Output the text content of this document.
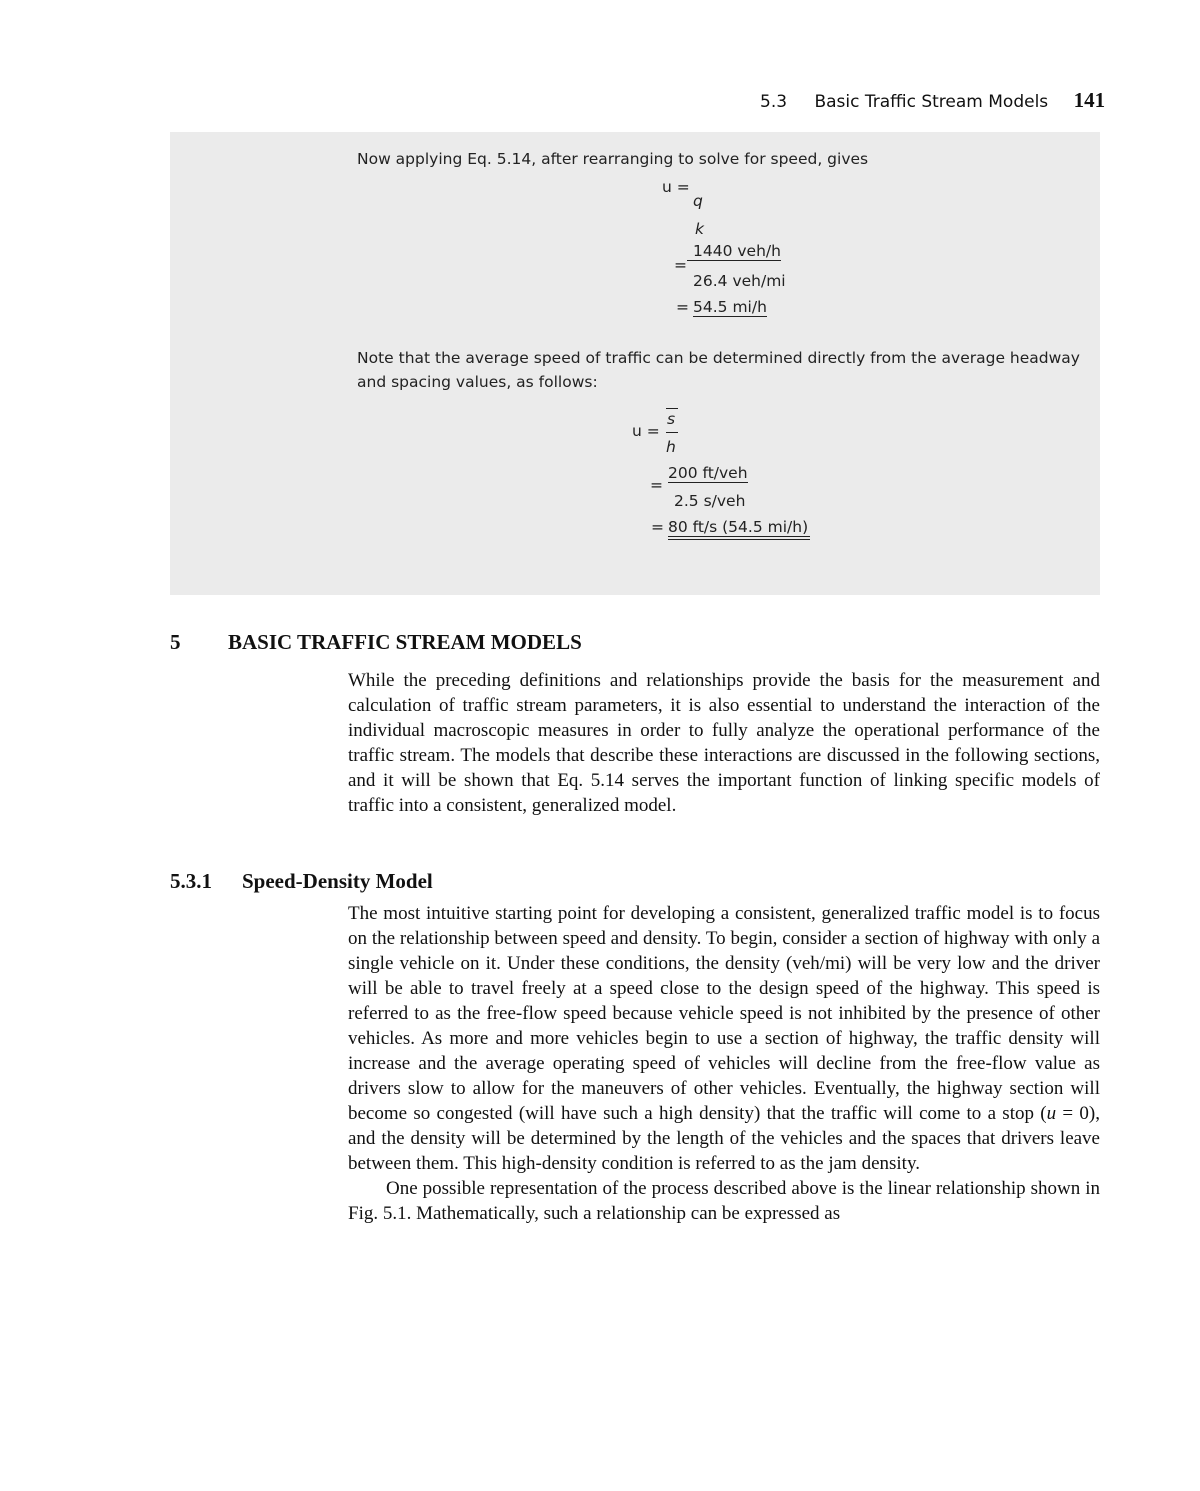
5.3 Basic Traffic Stream Models 141
Now applying Eq. 5.14, after rearranging to solve for speed, gives
u =
q
k
=
1440 veh/h
26.4 veh/mi
= 54.5 mi/h
Note that the average speed of traffic can be determined directly from the average headway and spacing values, as follows:
u =
s
h
=
200 ft/veh
2.5 s/veh
= 80 ft/s (54.5 mi/h)
5 BASIC TRAFFIC STREAM MODELS

While the preceding definitions and relationships provide the basis for the measurement and calculation of traffic stream parameters, it is also essential to understand the interaction of the individual macroscopic measures in order to fully analyze the operational performance of the traffic stream. The models that describe these interactions are discussed in the following sections, and it will be shown that Eq. 5.14 serves the important function of linking specific models of traffic into a consistent, generalized model.

5.3.1 Speed-Density Model

The most intuitive starting point for developing a consistent, generalized traffic model is to focus on the relationship between speed and density. To begin, consider a section of highway with only a single vehicle on it. Under these conditions, the density (veh/mi) will be very low and the driver will be able to travel freely at a speed close to the design speed of the highway. This speed is referred to as the free-flow speed because vehicle speed is not inhibited by the presence of other vehicles. As more and more vehicles begin to use a section of highway, the traffic density will increase and the average operating speed of vehicles will decline from the free-flow value as drivers slow to allow for the maneuvers of other vehicles. Eventually, the highway section will become so congested (will have such a high density) that the traffic will come to a stop (u = 0), and the density will be determined by the length of the vehicles and the spaces that drivers leave between them. This high-density condition is referred to as the jam density.

One possible representation of the process described above is the linear relationship shown in Fig. 5.1. Mathematically, such a relationship can be expressed as
